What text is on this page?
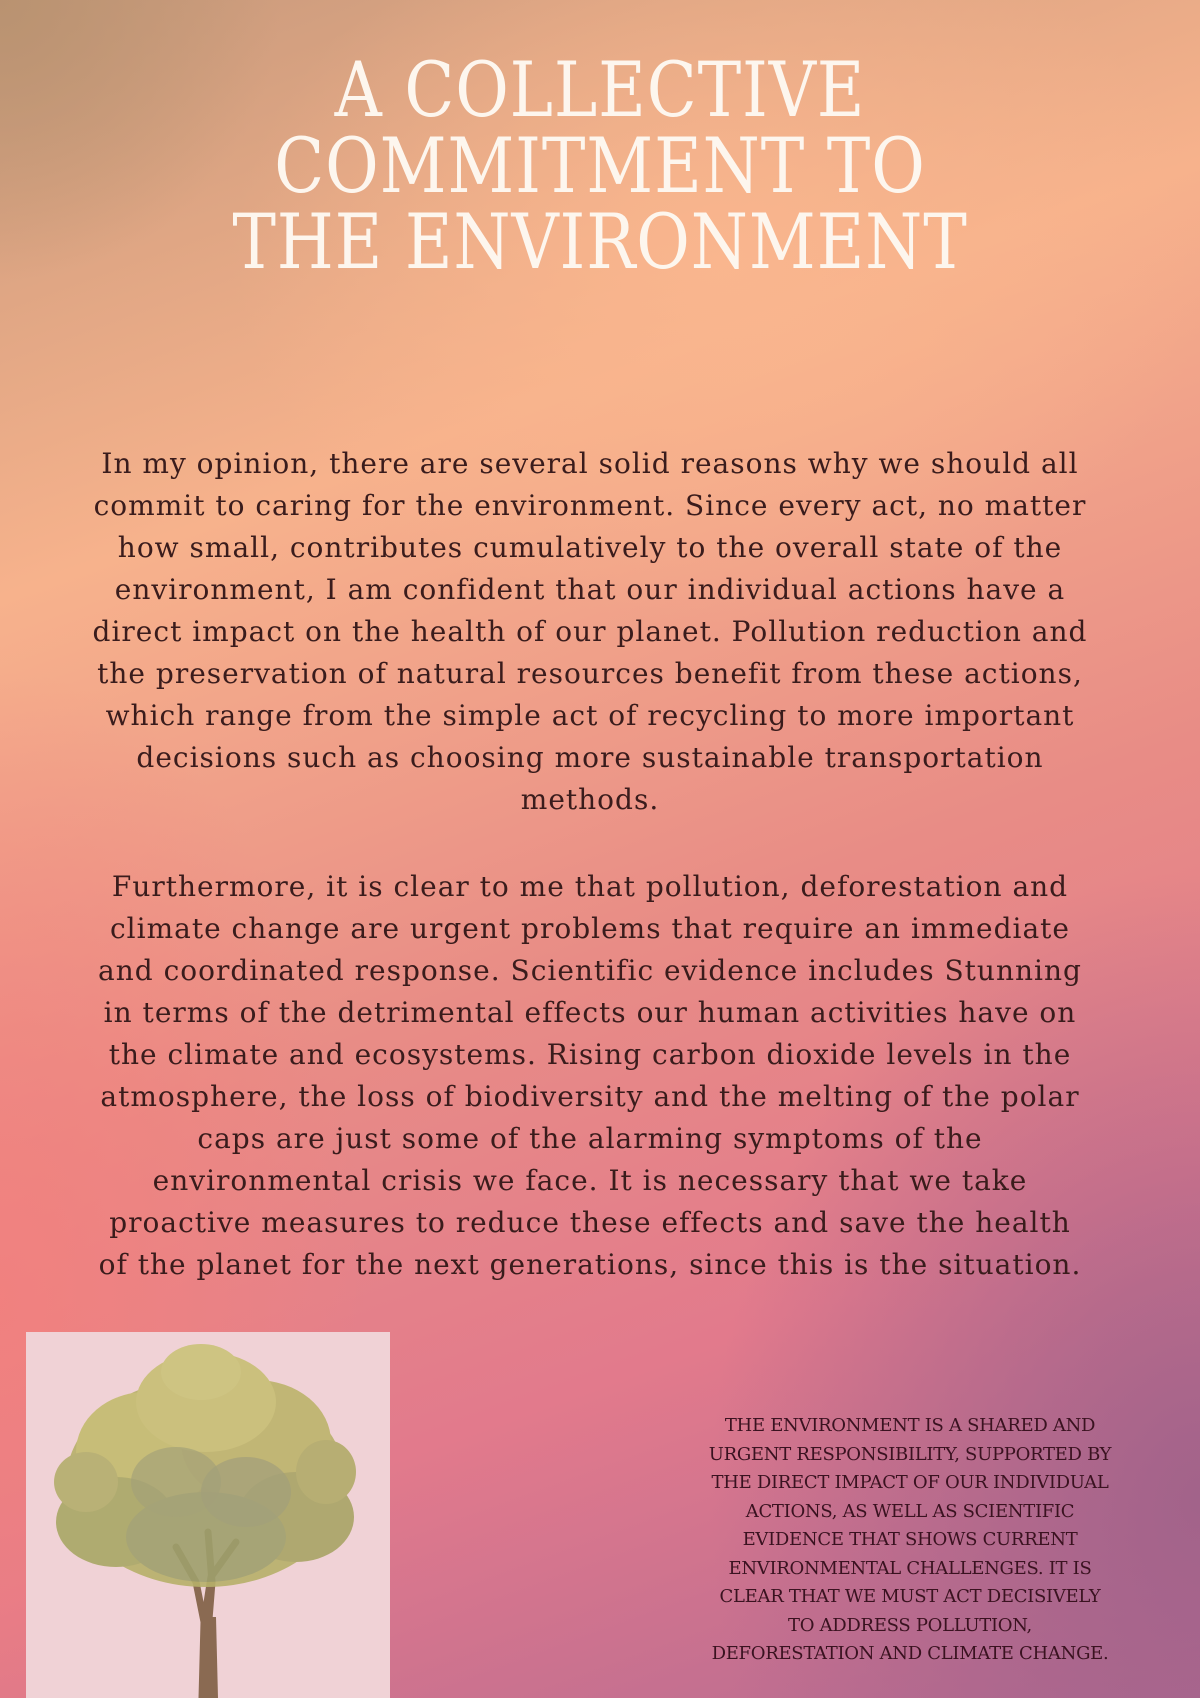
A COLLECTIVE
COMMITMENT TO
THE ENVIRONMENT

In my opinion, there are several solid reasons why we should all commit to caring for the environment. Since every act, no matter how small, contributes cumulatively to the overall state of the environment, I am confident that our individual actions have a direct impact on the health of our planet. Pollution reduction and the preservation of natural resources benefit from these actions, which range from the simple act of recycling to more important decisions such as choosing more sustainable transportation methods.

Furthermore, it is clear to me that pollution, deforestation and climate change are urgent problems that require an immediate and coordinated response. Scientific evidence includes Stunning in terms of the detrimental effects our human activities have on the climate and ecosystems. Rising carbon dioxide levels in the atmosphere, the loss of biodiversity and the melting of the polar caps are just some of the alarming symptoms of the environmental crisis we face. It is necessary that we take proactive measures to reduce these effects and save the health of the planet for the next generations, since this is the situation.

THE ENVIRONMENT IS A SHARED AND URGENT RESPONSIBILITY, SUPPORTED BY THE DIRECT IMPACT OF OUR INDIVIDUAL ACTIONS, AS WELL AS SCIENTIFIC EVIDENCE THAT SHOWS CURRENT ENVIRONMENTAL CHALLENGES. IT IS CLEAR THAT WE MUST ACT DECISIVELY TO ADDRESS POLLUTION, DEFORESTATION AND CLIMATE CHANGE.
